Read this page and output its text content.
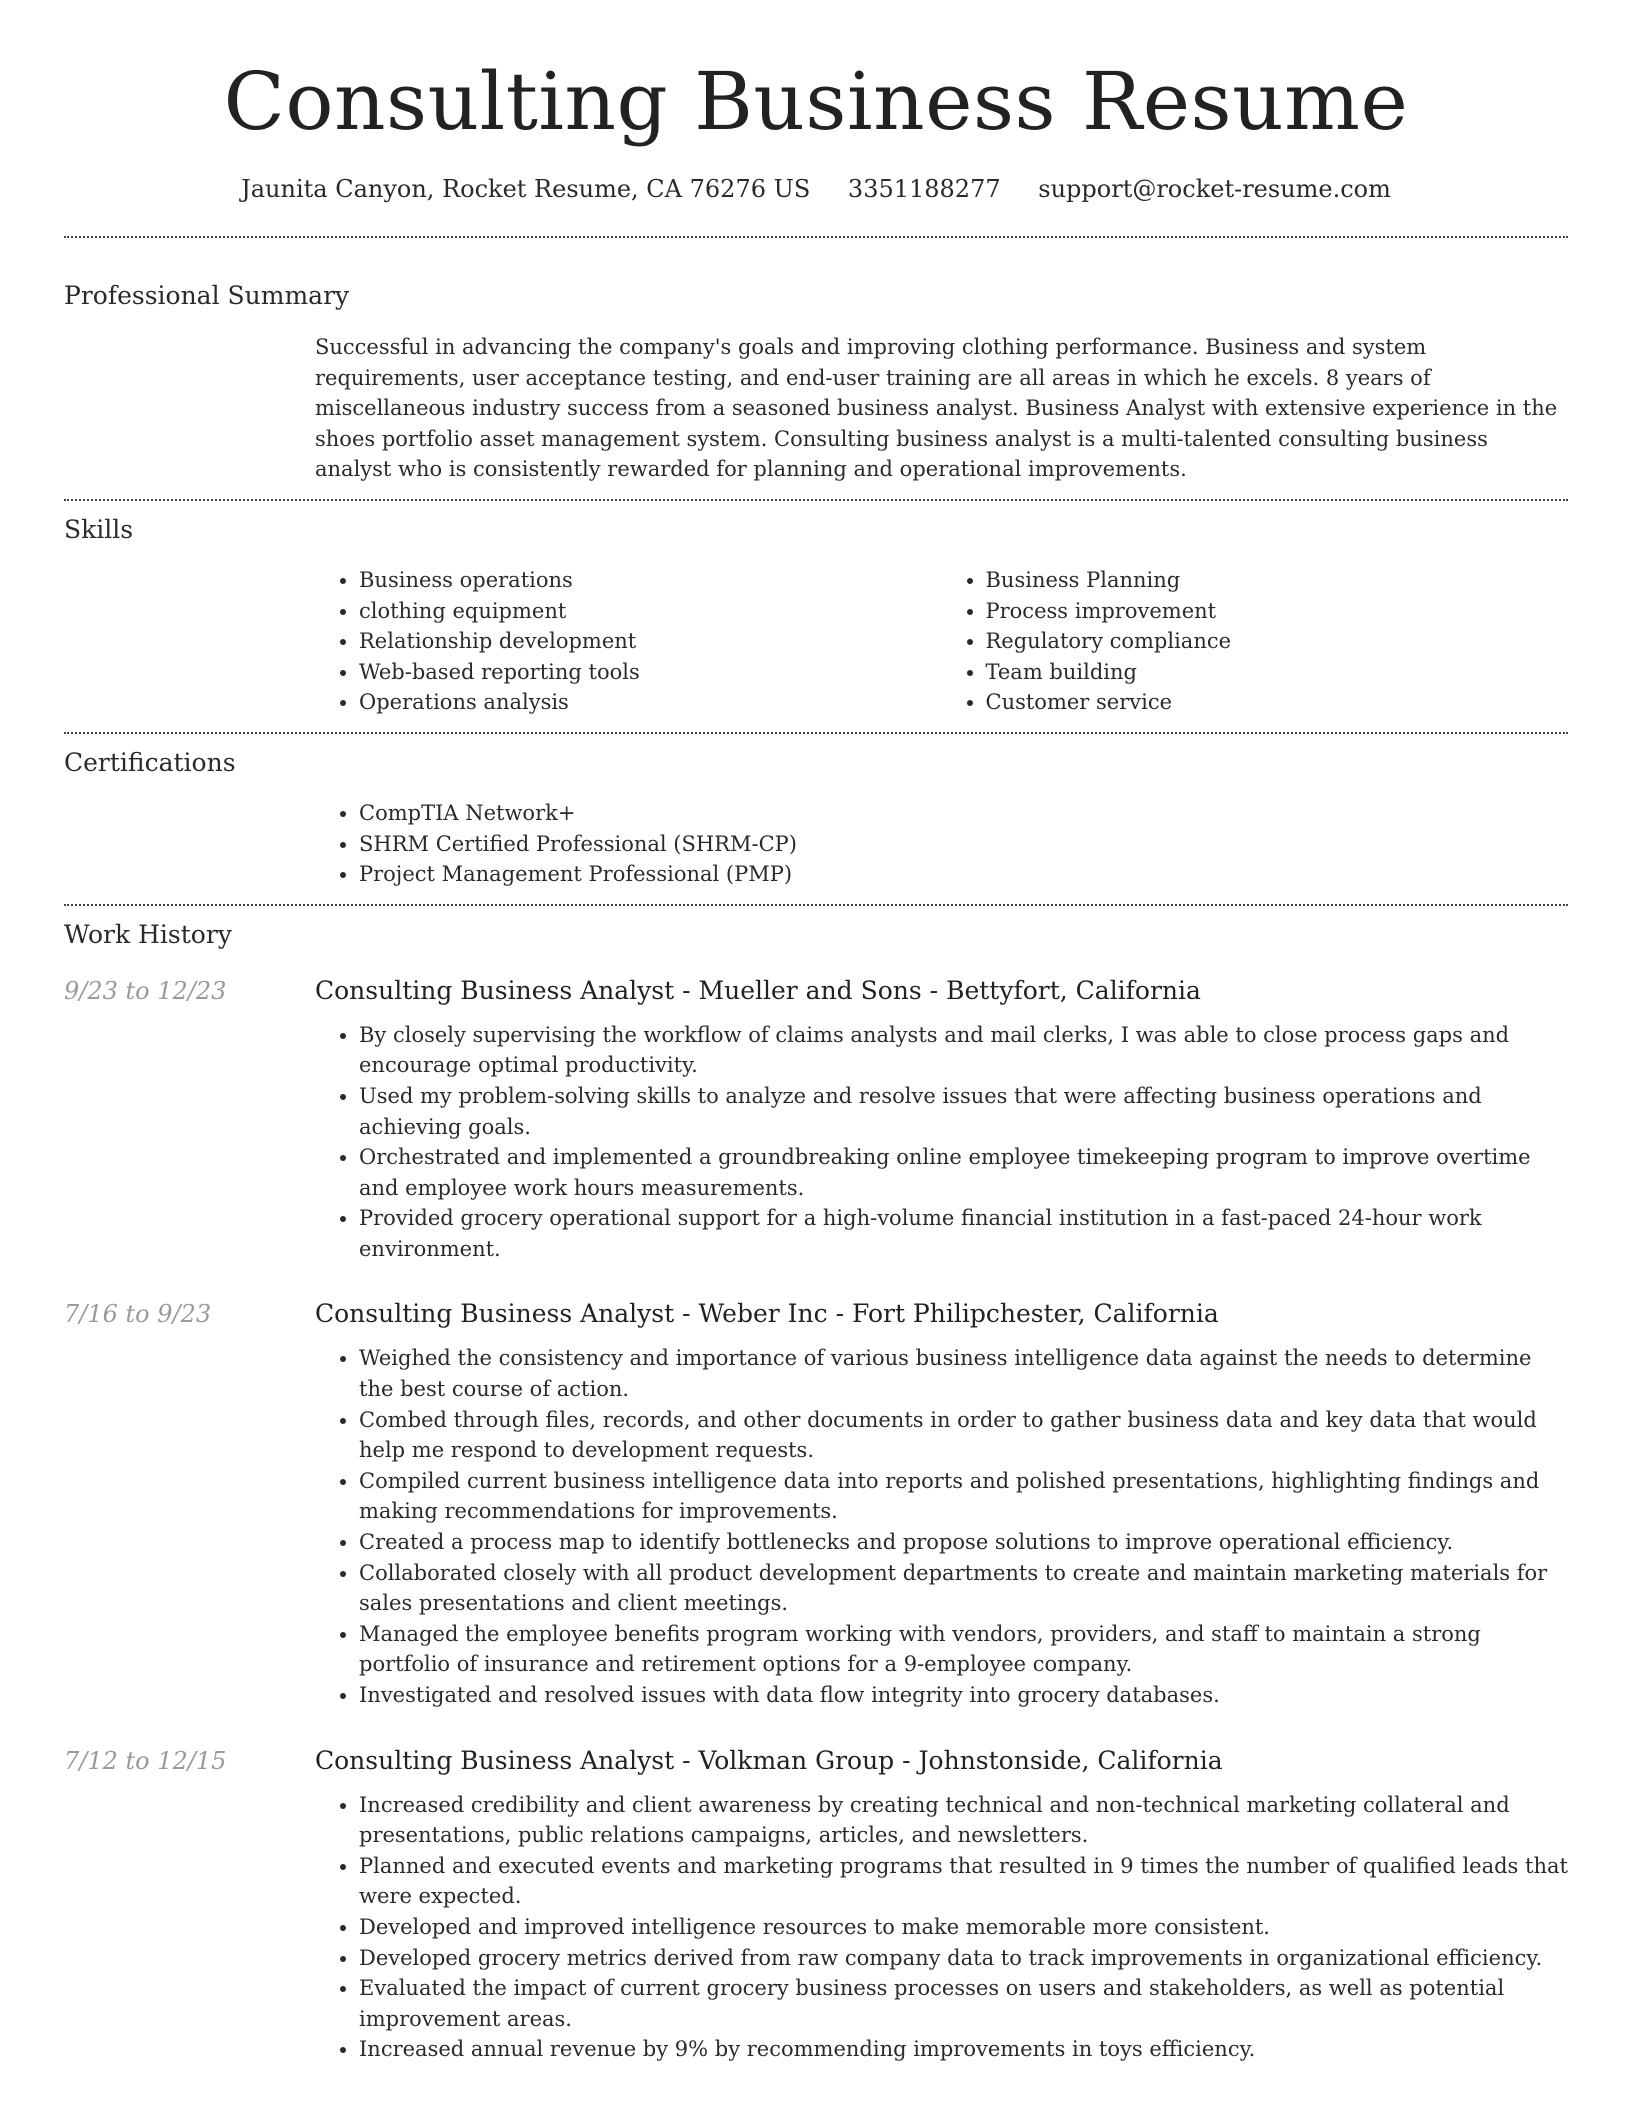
Consulting Business Resume
Jaunita Canyon, Rocket Resume, CA 76276 US 3351188277 support@rocket-resume.com
Professional Summary

Successful in advancing the company's goals and improving clothing performance. Business and system requirements, user acceptance testing, and end-user training are all areas in which he excels. 8 years of miscellaneous industry success from a seasoned business analyst. Business Analyst with extensive experience in the shoes portfolio asset management system. Consulting business analyst is a multi-talented consulting business analyst who is consistently rewarded for planning and operational improvements.

Skills
• Business operations
• clothing equipment
• Relationship development
• Web-based reporting tools
• Operations analysis
• Business Planning
• Process improvement
• Regulatory compliance
• Team building
• Customer service
Certifications
• CompTIA Network+
• SHRM Certified Professional (SHRM-CP)
• Project Management Professional (PMP)
Work History
9/23 to 12/23	Consulting Business Analyst - Mueller and Sons - Bettyfort, California
• By closely supervising the workflow of claims analysts and mail clerks, I was able to close process gaps and encourage optimal productivity.
• Used my problem-solving skills to analyze and resolve issues that were affecting business operations and achieving goals.
• Orchestrated and implemented a groundbreaking online employee timekeeping program to improve overtime and employee work hours measurements.
• Provided grocery operational support for a high-volume financial institution in a fast-paced 24-hour work environment.
7/16 to 9/23	Consulting Business Analyst - Weber Inc - Fort Philipchester, California
• Weighed the consistency and importance of various business intelligence data against the needs to determine the best course of action.
• Combed through files, records, and other documents in order to gather business data and key data that would help me respond to development requests.
• Compiled current business intelligence data into reports and polished presentations, highlighting findings and making recommendations for improvements.
• Created a process map to identify bottlenecks and propose solutions to improve operational efficiency.
• Collaborated closely with all product development departments to create and maintain marketing materials for sales presentations and client meetings.
• Managed the employee benefits program working with vendors, providers, and staff to maintain a strong portfolio of insurance and retirement options for a 9-employee company.
• Investigated and resolved issues with data flow integrity into grocery databases.
7/12 to 12/15	Consulting Business Analyst - Volkman Group - Johnstonside, California
• Increased credibility and client awareness by creating technical and non-technical marketing collateral and presentations, public relations campaigns, articles, and newsletters.
• Planned and executed events and marketing programs that resulted in 9 times the number of qualified leads that were expected.
• Developed and improved intelligence resources to make memorable more consistent.
• Developed grocery metrics derived from raw company data to track improvements in organizational efficiency.
• Evaluated the impact of current grocery business processes on users and stakeholders, as well as potential improvement areas.
• Increased annual revenue by 9% by recommending improvements in toys efficiency.
